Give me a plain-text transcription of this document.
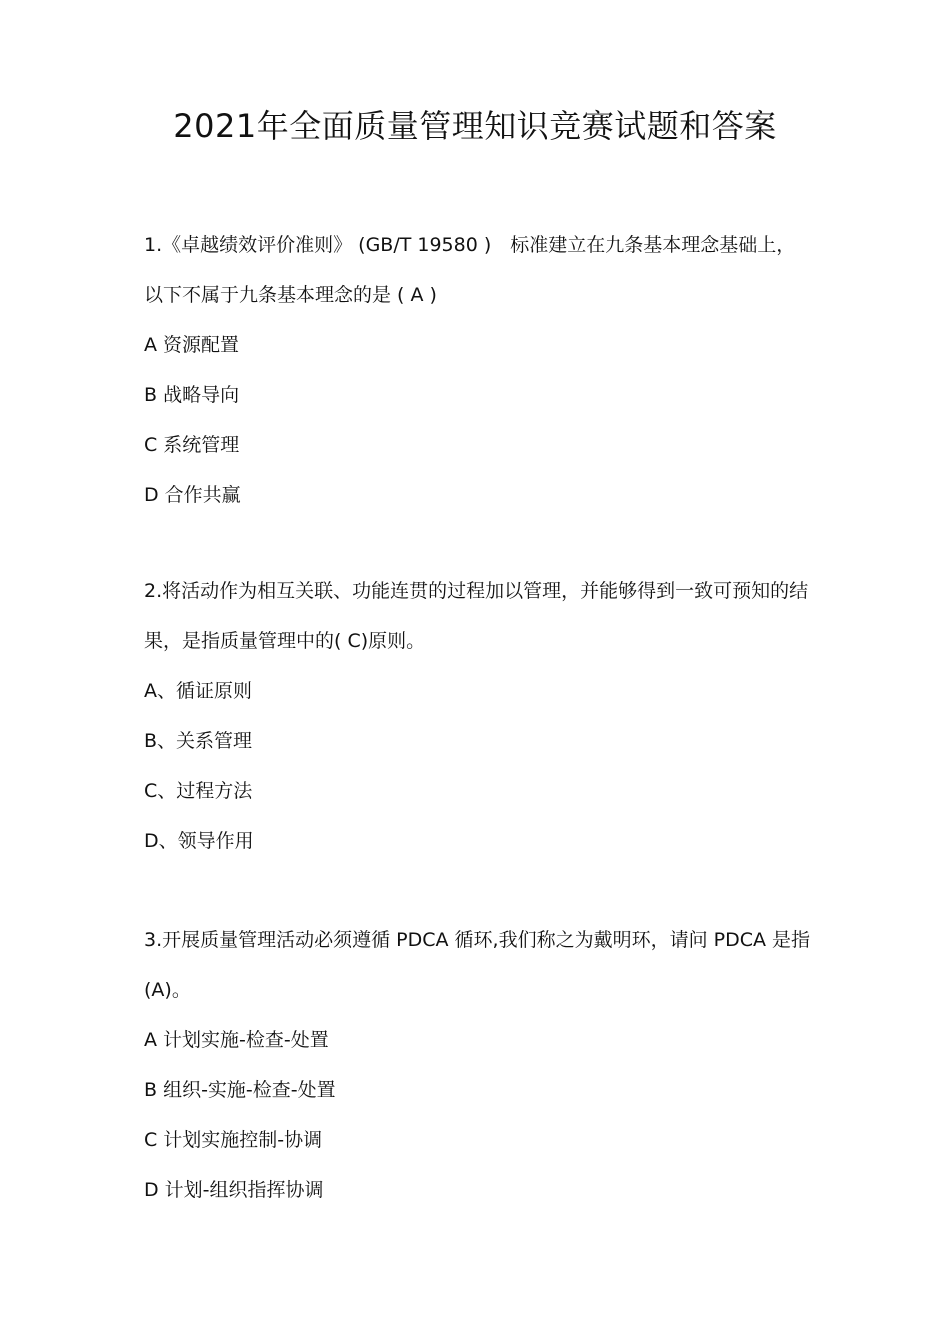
2021年全面质量管理知识竞赛试题和答案

1.《卓越绩效评价准则》 (GB/T 19580 )　标准建立在九条基本理念基础上，以下不属于九条基本理念的是 ( A )

A 资源配置
B 战略导向
C 系统管理
D 合作共赢

2.将活动作为相互关联、功能连贯的过程加以管理，并能够得到一致可预知的结果，是指质量管理中的( C)原则。

A、循证原则
B、关系管理
C、过程方法
D、领导作用

3.开展质量管理活动必须遵循 PDCA 循环,我们称之为戴明环，请问 PDCA 是指(A)。

A 计划实施-检查-处置
B 组织-实施-检查-处置
C 计划实施控制-协调
D 计划-组织指挥协调
